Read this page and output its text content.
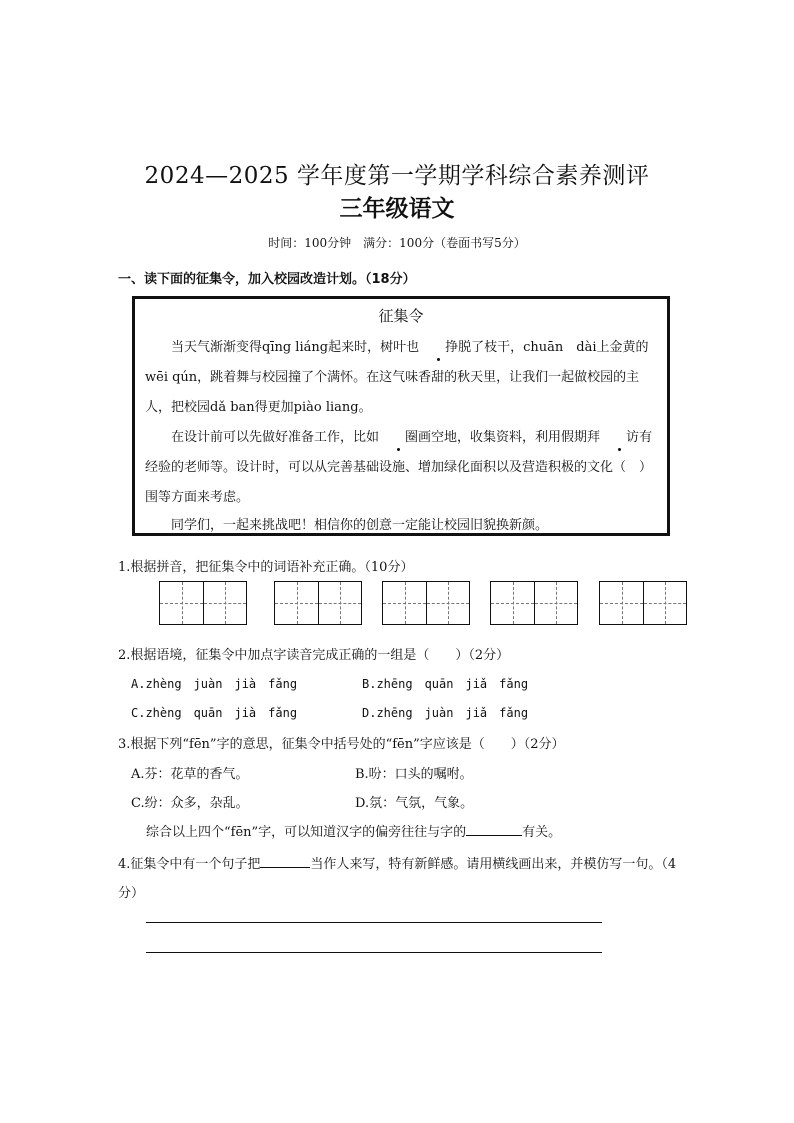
2024—2025 学年度第一学期学科综合素养测评
三年级语文
时间：100分钟　满分：100分（卷面书写5分）
一、读下面的征集令，加入校园改造计划。（18分）
征集令
当天气渐渐变得qīng liáng起来时，树叶也 挣脱了枝干，chuān　dài上金黄的wēi qún，跳着舞与校园撞了个满怀。在这气味香甜的秋天里，让我们一起做校园的主人，把校园dǎ ban得更加piào liang。
在设计前可以先做好准备工作，比如 圈画空地，收集资料，利用假期拜 访有经验的老师等。设计时，可以从完善基础设施、增加绿化面积以及营造积极的文化（　）围等方面来考虑。
同学们，一起来挑战吧！相信你的创意一定能让校园旧貌换新颜。
1.根据拼音，把征集令中的词语补充正确。（10分）
2.根据语境，征集令中加点字读音完成正确的一组是（　　）（2分）
A.zhèng　juàn　jià　fǎng	B.zhēng　quān　jiǎ　fǎng
C.zhèng　quān　jià　fǎng	D.zhēng　juàn　jiǎ　fǎng
3.根据下列“fēn”字的意思，征集令中括号处的“fēn”字应该是（　　）（2分）
A.芬：花草的香气。	B.吩：口头的嘱咐。
C.纷：众多，杂乱。	D.氛：气氛，气象。
综合以上四个“fēn”字，可以知道汉字的偏旁往往与字的	有关。
4.征集令中有一个句子把	当作人来写，特有新鲜感。请用横线画出来，并模仿写一句。（4分）
